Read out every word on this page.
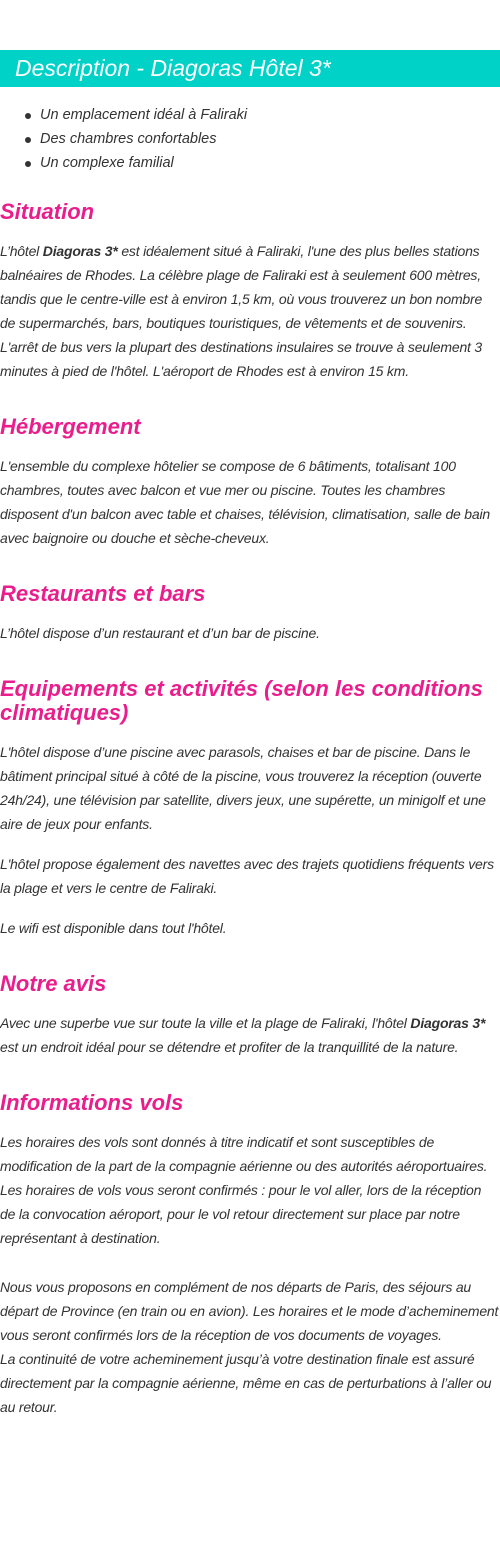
Description - Diagoras Hôtel 3*
Un emplacement idéal à Faliraki
Des chambres confortables
Un complexe familial
Situation

L’hôtel Diagoras 3* est idéalement situé à Faliraki, l'une des plus belles stations balnéaires de Rhodes. La célèbre plage de Faliraki est à seulement 600 mètres, tandis que le centre-ville est à environ 1,5 km, où vous trouverez un bon nombre de supermarchés, bars, boutiques touristiques, de vêtements et de souvenirs. L'arrêt de bus vers la plupart des destinations insulaires se trouve à seulement 3 minutes à pied de l'hôtel. L'aéroport de Rhodes est à environ 15 km.

Hébergement

L'ensemble du complexe hôtelier se compose de 6 bâtiments, totalisant 100 chambres, toutes avec balcon et vue mer ou piscine. Toutes les chambres disposent d'un balcon avec table et chaises, télévision, climatisation, salle de bain avec baignoire ou douche et sèche-cheveux.

Restaurants et bars

L’hôtel dispose d’un restaurant et d’un bar de piscine.

Equipements et activités (selon les conditions climatiques)

L'hôtel dispose d’une piscine avec parasols, chaises et bar de piscine. Dans le bâtiment principal situé à côté de la piscine, vous trouverez la réception (ouverte 24h/24), une télévision par satellite, divers jeux, une supérette, un minigolf et une aire de jeux pour enfants.

L'hôtel propose également des navettes avec des trajets quotidiens fréquents vers la plage et vers le centre de Faliraki.

Le wifi est disponible dans tout l'hôtel.

Notre avis

Avec une superbe vue sur toute la ville et la plage de Faliraki, l'hôtel Diagoras 3* est un endroit idéal pour se détendre et profiter de la tranquillité de la nature.

Informations vols

Les horaires des vols sont donnés à titre indicatif et sont susceptibles de modification de la part de la compagnie aérienne ou des autorités aéroportuaires.

Les horaires de vols vous seront confirmés : pour le vol aller, lors de la réception de la convocation aéroport, pour le vol retour directement sur place par notre représentant à destination.

Nous vous proposons en complément de nos départs de Paris, des séjours au départ de Province (en train ou en avion). Les horaires et le mode d’acheminement vous seront confirmés lors de la réception de vos documents de voyages.

La continuité de votre acheminement jusqu’à votre destination finale est assuré directement par la compagnie aérienne, même en cas de perturbations à l’aller ou au retour.
